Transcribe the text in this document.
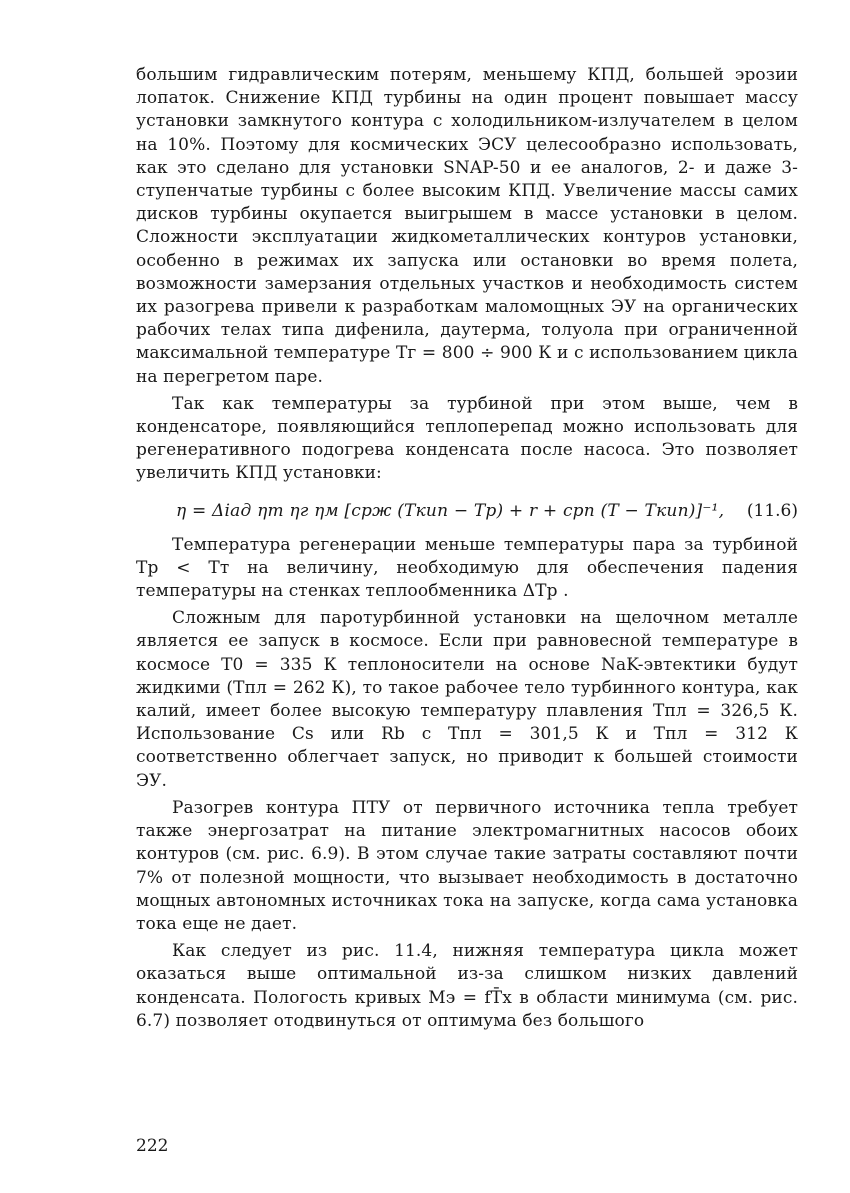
большим гидравлическим потерям, меньшему КПД, большей эрозии лопаток. Снижение КПД турбины на один процент повышает массу установки замкнутого контура с холодильником-излучателем в целом на 10%. Поэтому для космических ЭСУ целесообразно использовать, как это сделано для установки SNAP-50 и ее аналогов, 2- и даже 3-ступенчатые турбины с более высоким КПД. Увеличение массы самих дисков турбины окупается выигрышем в массе установки в целом. Сложности эксплуатации жидкометаллических контуров установки, особенно в режимах их запуска или остановки во время полета, возможности замерзания отдельных участков и необходимость систем их разогрева привели к разработкам маломощных ЭУ на органических рабочих телах типа дифенила, даутерма, толуола при ограниченной максимальной температуре Tг = 800 ÷ 900 К и с использованием цикла на перегретом паре.

Так как температуры за турбиной при этом выше, чем в конденсаторе, появляющийся теплоперепад можно использовать для регенеративного подогрева конденсата после насоса. Это позволяет увеличить КПД установки:

η = Δiад ηт ηг ηм [cрж (Tкип − Tр) + r + cрп (T − Tкип)]⁻¹, (11.6)

Температура регенерации меньше температуры пара за турбиной Tр < Tт на величину, необходимую для обеспечения падения температуры на стенках теплообменника ΔTр .

Сложным для паротурбинной установки на щелочном металле является ее запуск в космосе. Если при равновесной температуре в космосе T0 = 335 К теплоносители на основе NaK-эвтектики будут жидкими (Tпл = 262 К), то такое рабочее тело турбинного контура, как калий, имеет более высокую температуру плавления Tпл = 326,5 К. Использование Cs или Rb с Tпл = 301,5 К и Tпл = 312 К соответственно облегчает запуск, но приводит к большей стоимости ЭУ.

Разогрев контура ПТУ от первичного источника тепла требует также энергозатрат на питание электромагнитных насосов обоих контуров (см. рис. 6.9). В этом случае такие затраты составляют почти 7% от полезной мощности, что вызывает необходимость в достаточно мощных автономных источниках тока на запуске, когда сама установка тока еще не дает.

Как следует из рис. 11.4, нижняя температура цикла может оказаться выше оптимальной из-за слишком низких давлений конденсата. Пологость кривых Mэ = fT̄х в области минимума (см. рис. 6.7) позволяет отодвинуться от оптимума без большого

222
